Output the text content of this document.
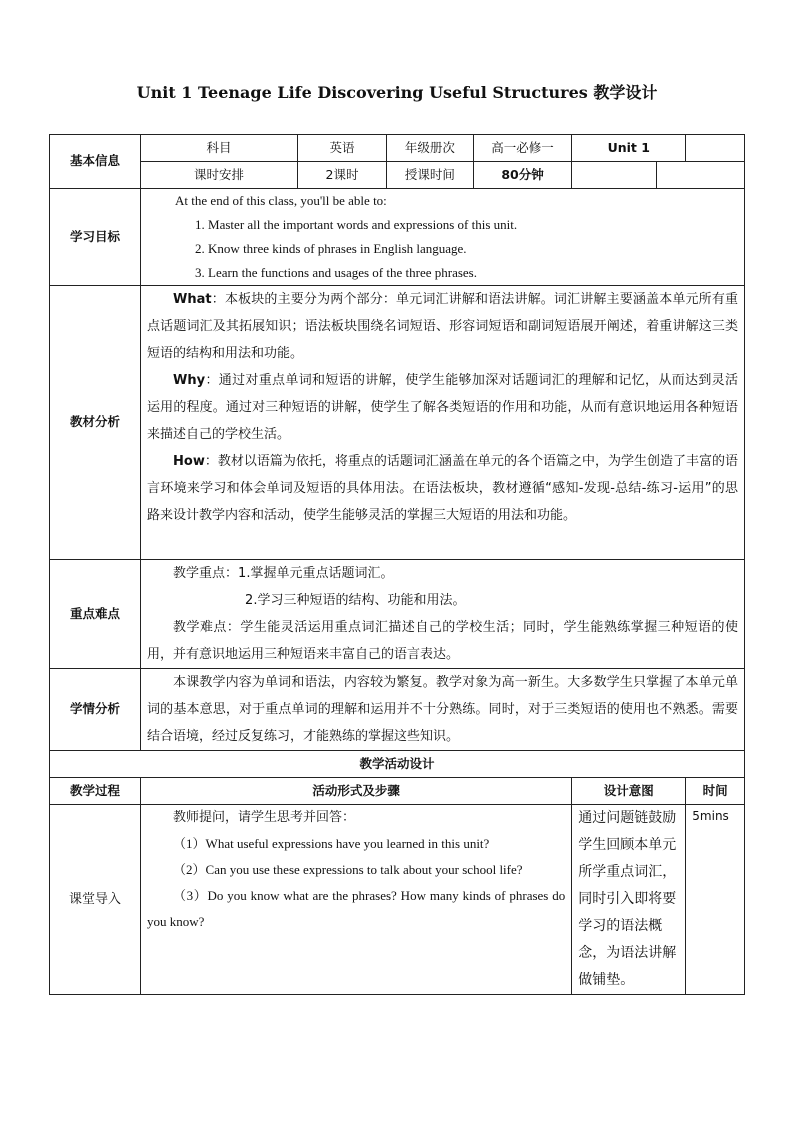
Unit 1 Teenage Life Discovering Useful Structures 教学设计
基本信息	科目	英语	年级册次	高一必修一	Unit 1		
	课时安排	2课时	授课时间	80分钟			
学习目标	At the end of this class, you'll be able to:

1. Master all the important words and expressions of this unit.

2. Know three kinds of phrases in English language.

3. Learn the functions and usages of the three phrases.						

教材分析	What：本板块的主要分为两个部分：单元词汇讲解和语法讲解。词汇讲解主要涵盖本单元所有重点话题词汇及其拓展知识；语法板块围绕名词短语、形容词短语和副词短语展开阐述，着重讲解这三类短语的结构和用法和功能。

Why：通过对重点单词和短语的讲解，使学生能够加深对话题词汇的理解和记忆，从而达到灵活运用的程度。通过对三种短语的讲解，使学生了解各类短语的作用和功能，从而有意识地运用各种短语来描述自己的学校生活。

How：教材以语篇为依托，将重点的话题词汇涵盖在单元的各个语篇之中，为学生创造了丰富的语言环境来学习和体会单词及短语的具体用法。在语法板块，教材遵循“感知-发现-总结-练习-运用”的思路来设计教学内容和活动，使学生能够灵活的掌握三大短语的用法和功能。						

重点难点	教学重点：1.掌握单元重点话题词汇。

2.学习三种短语的结构、功能和用法。

教学难点：学生能灵活运用重点词汇描述自己的学校生活；同时，学生能熟练掌握三种短语的使用，并有意识地运用三种短语来丰富自己的语言表达。						

学情分析	本课教学内容为单词和语法，内容较为繁复。教学对象为高一新生。大多数学生只掌握了本单元单词的基本意思，对于重点单词的理解和运用并不十分熟练。同时，对于三类短语的使用也不熟悉。需要结合语境，经过反复练习，才能熟练的掌握这些知识。						

教学活动设计							
教学过程	活动形式及步骤				设计意图		时间
课堂导入	教师提问，请学生思考并回答：

（1）What useful expressions have you learned in this unit?

（2）Can you use these expressions to talk about your school life?

（3）Do you know what are the phrases? How many kinds of phrases do you know?				通过问题链鼓励学生回顾本单元所学重点词汇，同时引入即将要学习的语法概念，为语法讲解做铺垫。		5mins
